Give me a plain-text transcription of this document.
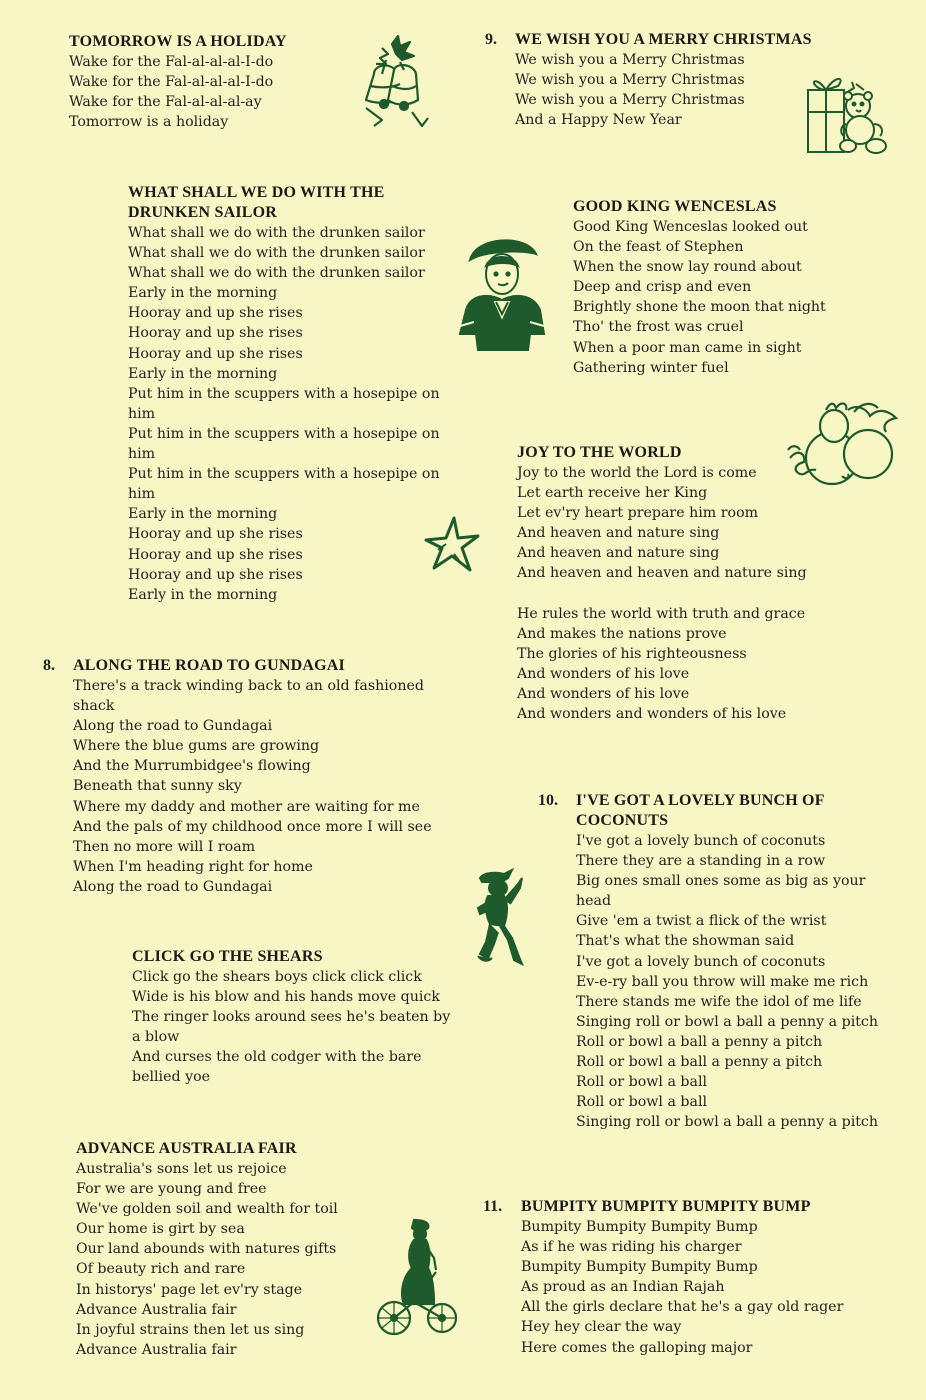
TOMORROW IS A HOLIDAY

Wake for the Fal-al-al-al-I-do

Wake for the Fal-al-al-al-I-do

Wake for the Fal-al-al-al-ay

Tomorrow is a holiday

9. WE WISH YOU A MERRY CHRISTMAS

We wish you a Merry Christmas

We wish you a Merry Christmas

We wish you a Merry Christmas

And a Happy New Year

WHAT SHALL WE DO WITH THE

DRUNKEN SAILOR

What shall we do with the drunken sailor

What shall we do with the drunken sailor

What shall we do with the drunken sailor

Early in the morning

Hooray and up she rises

Hooray and up she rises

Hooray and up she rises

Early in the morning

Put him in the scuppers with a hosepipe on

him

Put him in the scuppers with a hosepipe on

him

Put him in the scuppers with a hosepipe on

him

Early in the morning

Hooray and up she rises

Hooray and up she rises

Hooray and up she rises

Early in the morning

GOOD KING WENCESLAS

Good King Wenceslas looked out

On the feast of Stephen

When the snow lay round about

Deep and crisp and even

Brightly shone the moon that night

Tho' the frost was cruel

When a poor man came in sight

Gathering winter fuel

JOY TO THE WORLD

Joy to the world the Lord is come

Let earth receive her King

Let ev'ry heart prepare him room

And heaven and nature sing

And heaven and nature sing

And heaven and heaven and nature sing

He rules the world with truth and grace

And makes the nations prove

The glories of his righteousness

And wonders of his love

And wonders of his love

And wonders and wonders of his love

8. ALONG THE ROAD TO GUNDAGAI

There's a track winding back to an old fashioned

shack

Along the road to Gundagai

Where the blue gums are growing

And the Murrumbidgee's flowing

Beneath that sunny sky

Where my daddy and mother are waiting for me

And the pals of my childhood once more I will see

Then no more will I roam

When I'm heading right for home

Along the road to Gundagai

10. I'VE GOT A LOVELY BUNCH OF

COCONUTS

I've got a lovely bunch of coconuts

There they are a standing in a row

Big ones small ones some as big as your

head

Give 'em a twist a flick of the wrist

That's what the showman said

I've got a lovely bunch of coconuts

Ev-e-ry ball you throw will make me rich

There stands me wife the idol of me life

Singing roll or bowl a ball a penny a pitch

Roll or bowl a ball a penny a pitch

Roll or bowl a ball a penny a pitch

Roll or bowl a ball

Roll or bowl a ball

Singing roll or bowl a ball a penny a pitch

CLICK GO THE SHEARS

Click go the shears boys click click click

Wide is his blow and his hands move quick

The ringer looks around sees he's beaten by

a blow

And curses the old codger with the bare

bellied yoe

ADVANCE AUSTRALIA FAIR

Australia's sons let us rejoice

For we are young and free

We've golden soil and wealth for toil

Our home is girt by sea

Our land abounds with natures gifts

Of beauty rich and rare

In historys' page let ev'ry stage

Advance Australia fair

In joyful strains then let us sing

Advance Australia fair

11. BUMPITY BUMPITY BUMPITY BUMP

Bumpity Bumpity Bumpity Bump

As if he was riding his charger

Bumpity Bumpity Bumpity Bump

As proud as an Indian Rajah

All the girls declare that he's a gay old rager

Hey hey clear the way

Here comes the galloping major
